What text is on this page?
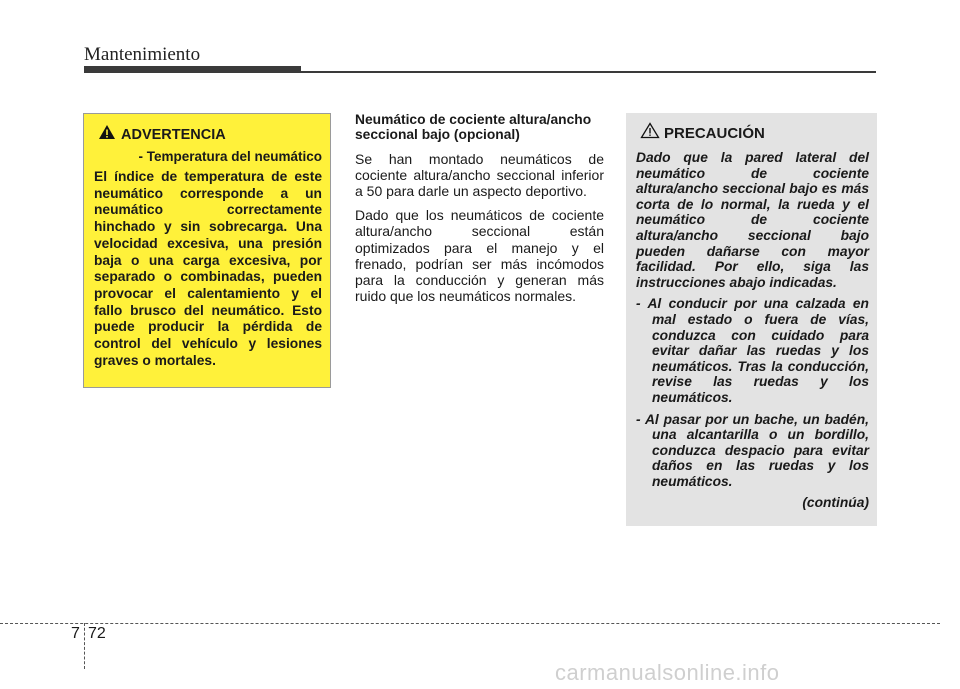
Mantenimiento
ADVERTENCIA
- Temperatura del neumático
El índice de temperatura de este neumático corresponde a un neumático correctamente hinchado y sin sobrecarga. Una velocidad excesiva, una presión baja o una carga excesiva, por separado o combinadas, pueden provocar el calentamiento y el fallo brusco del neumático. Esto puede producir la pérdida de control del vehículo y lesiones graves o mortales.
Neumático de cociente altura/ancho seccional bajo (opcional)
Se han montado neumáticos de cociente altura/ancho seccional inferior a 50 para darle un aspecto deportivo.
Dado que los neumáticos de cociente altura/ancho seccional están optimizados para el manejo y el frenado, podrían ser más incómodos para la conducción y generan más ruido que los neumáticos normales.
PRECAUCIÓN
Dado que la pared lateral del neumático de cociente altura/ancho seccional bajo es más corta de lo normal, la rueda y el neumático de cociente altura/ancho seccional bajo pueden dañarse con mayor facilidad. Por ello, siga las instrucciones abajo indicadas.
- Al conducir por una calzada en mal estado o fuera de vías, conduzca con cuidado para evitar dañar las ruedas y los neumáticos. Tras la conducción, revise las ruedas y los neumáticos.
- Al pasar por un bache, un badén, una alcantarilla o un bordillo, conduzca despacio para evitar daños en las ruedas y los neumáticos.
(continúa)
7 72
carmanualsonline.info
